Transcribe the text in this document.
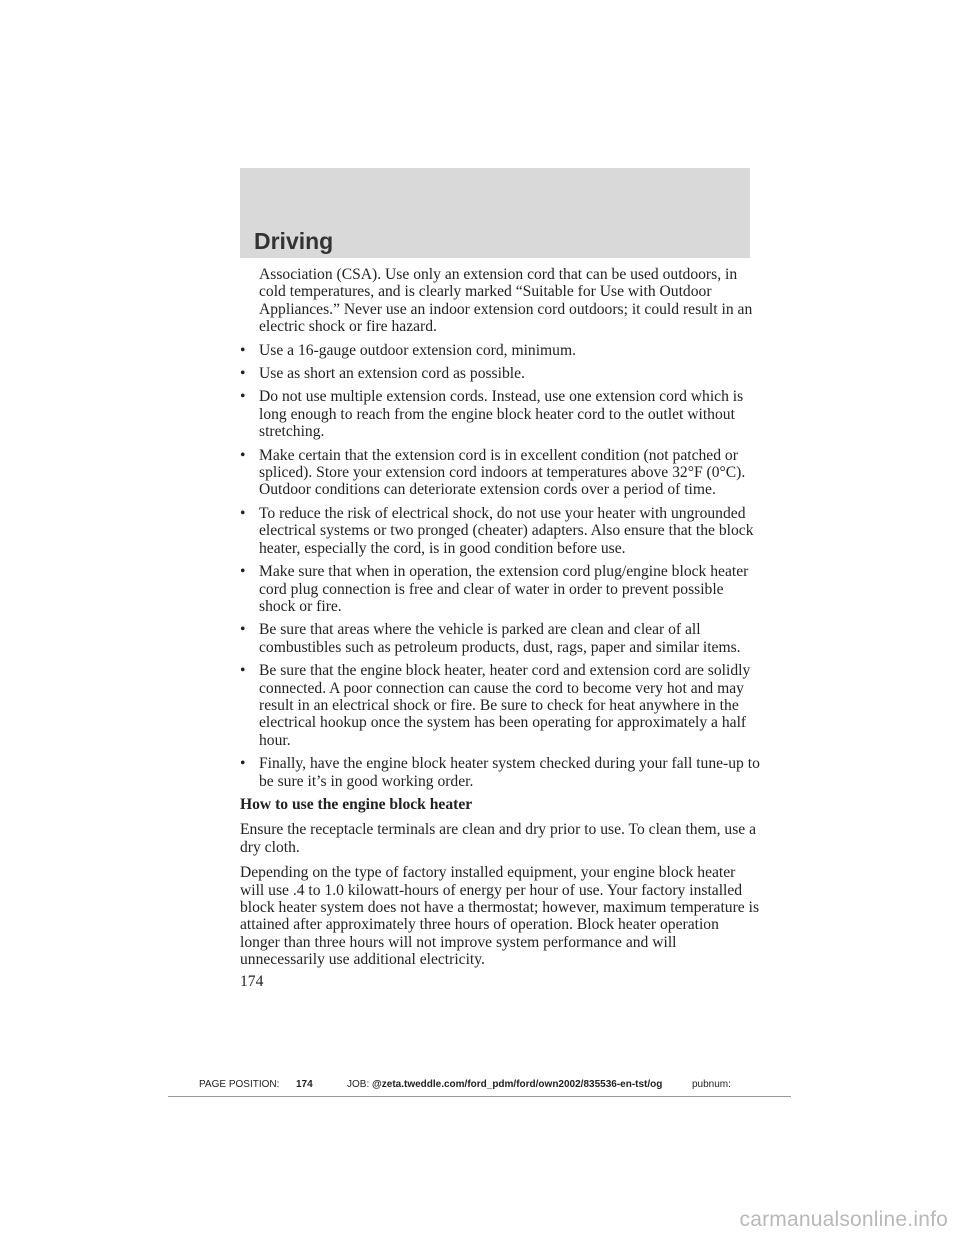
Driving

Association (CSA). Use only an extension cord that can be used outdoors, in cold temperatures, and is clearly marked “Suitable for Use with Outdoor Appliances.” Never use an indoor extension cord outdoors; it could result in an electric shock or fire hazard.

• Use a 16-gauge outdoor extension cord, minimum.
• Use as short an extension cord as possible.
• Do not use multiple extension cords. Instead, use one extension cord which is long enough to reach from the engine block heater cord to the outlet without stretching.
• Make certain that the extension cord is in excellent condition (not patched or spliced). Store your extension cord indoors at temperatures above 32°F (0°C). Outdoor conditions can deteriorate extension cords over a period of time.
• To reduce the risk of electrical shock, do not use your heater with ungrounded electrical systems or two pronged (cheater) adapters. Also ensure that the block heater, especially the cord, is in good condition before use.
• Make sure that when in operation, the extension cord plug/engine block heater cord plug connection is free and clear of water in order to prevent possible shock or fire.
• Be sure that areas where the vehicle is parked are clean and clear of all combustibles such as petroleum products, dust, rags, paper and similar items.
• Be sure that the engine block heater, heater cord and extension cord are solidly connected. A poor connection can cause the cord to become very hot and may result in an electrical shock or fire. Be sure to check for heat anywhere in the electrical hookup once the system has been operating for approximately a half hour.
• Finally, have the engine block heater system checked during your fall tune-up to be sure it’s in good working order.

How to use the engine block heater

Ensure the receptacle terminals are clean and dry prior to use. To clean them, use a dry cloth.

Depending on the type of factory installed equipment, your engine block heater will use .4 to 1.0 kilowatt-hours of energy per hour of use. Your factory installed block heater system does not have a thermostat; however, maximum temperature is attained after approximately three hours of operation. Block heater operation longer than three hours will not improve system performance and will unnecessarily use additional electricity.

174
PAGE POSITION: 174	JOB: @zeta.tweddle.com/ford_pdm/ford/own2002/835536-en-tst/og	pubnum:
carmanualsonline.info
